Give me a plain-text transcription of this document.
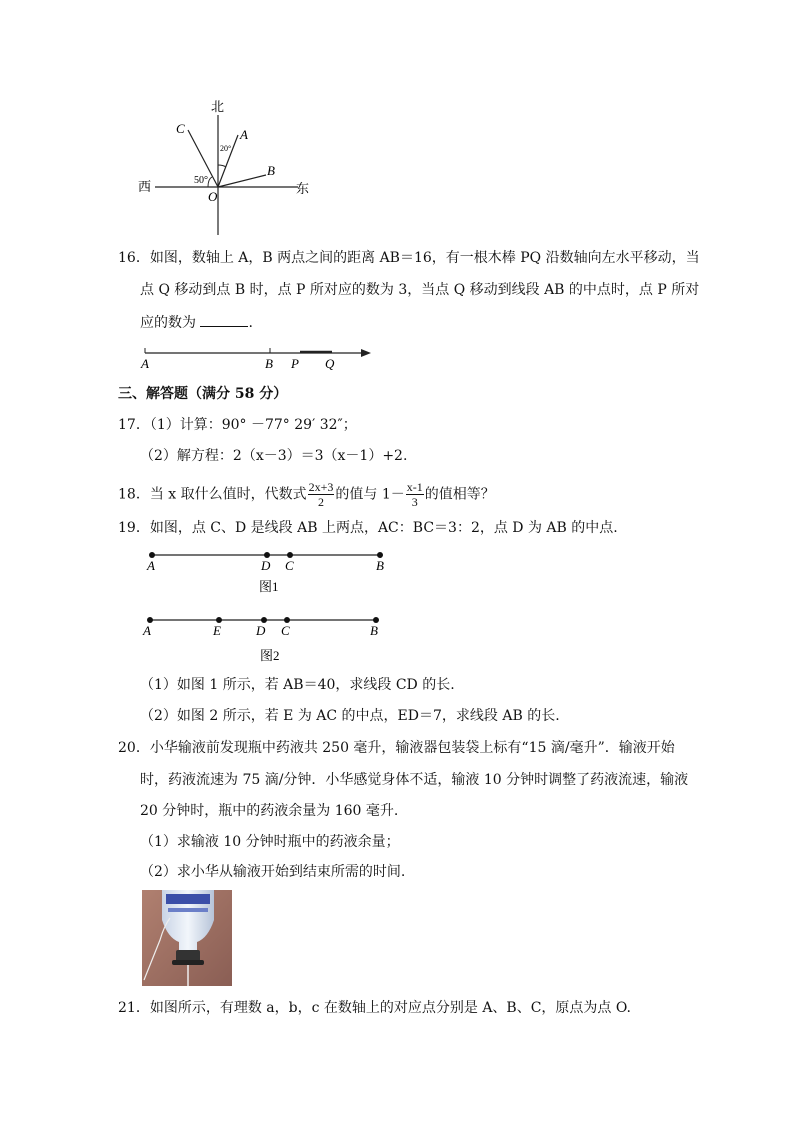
北
C	A
B
O
西	东
20°
50°
16．如图，数轴上 A，B 两点之间的距离 AB＝16，有一根木棒 PQ 沿数轴向左水平移动，当
点 Q 移动到点 B 时，点 P 所对应的数为 3，当点 Q 移动到线段 AB 的中点时，点 P 所对
应的数为	.
A	B P Q
三、解答题（满分 58 分）
17．（1）计算：90° －77° 29′ 32″；
（2）解方程：2（x－3）＝3（x－1）+2.
18．当 x 取什么值时，代数式 $\frac{2x+3}{2}$ 的值与 $1- \frac{x-1}{3}$ 的值相等？
19．如图，点 C、D 是线段 AB 上两点，AC：BC＝3：2，点 D 为 AB 的中点.
A	D C	B
图1
A	E	D C	B
图2
（1）如图 1 所示，若 AB＝40，求线段 CD 的长.
（2）如图 2 所示，若 E 为 AC 的中点，ED＝7，求线段 AB 的长.
20．小华输液前发现瓶中药液共 250 毫升，输液器包装袋上标有“15 滴/毫升”．输液开始
时，药液流速为 75 滴/分钟．小华感觉身体不适，输液 10 分钟时调整了药液流速，输液
20 分钟时，瓶中的药液余量为 160 毫升.
（1）求输液 10 分钟时瓶中的药液余量；
（2）求小华从输液开始到结束所需的时间.
21．如图所示，有理数 a，b，c 在数轴上的对应点分别是 A、B、C，原点为点 O.
